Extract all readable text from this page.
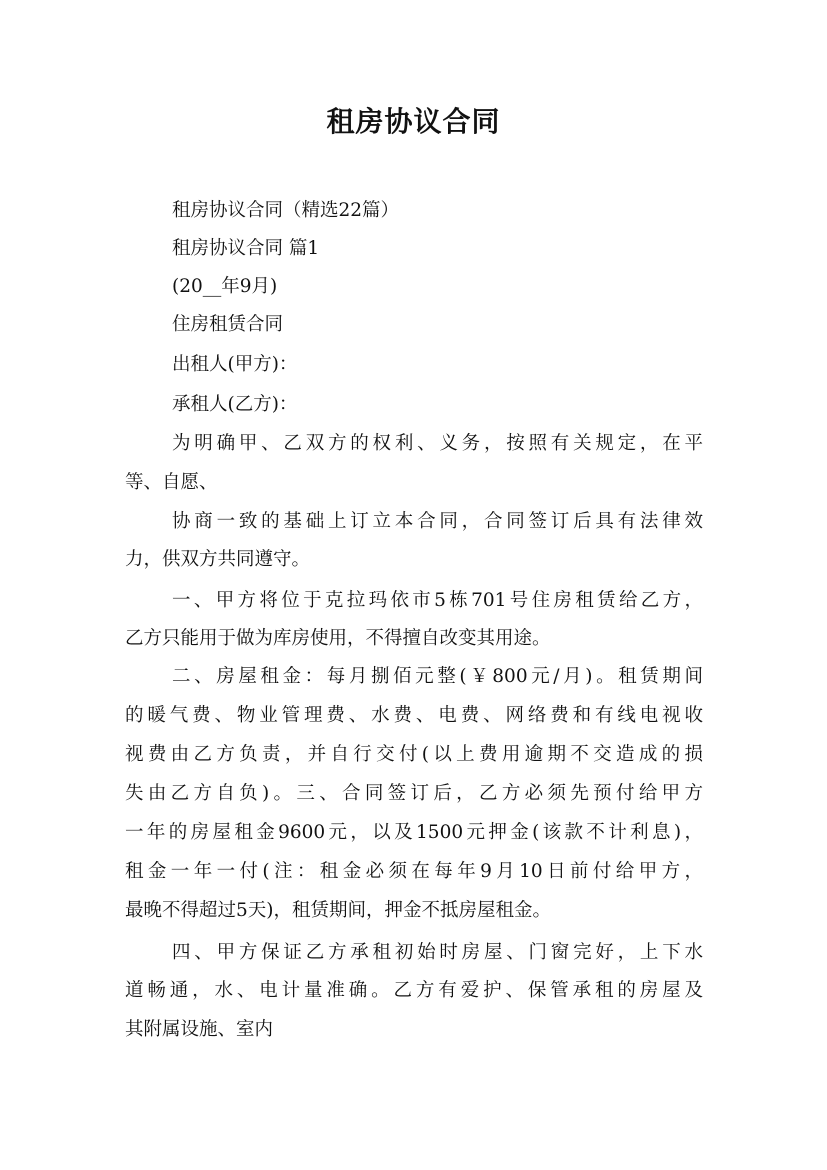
租房协议合同
租房协议合同（精选22篇）
租房协议合同 篇1
(20__年9月)
住房租赁合同
出租人(甲方)：
承租人(乙方)：
为明确甲、乙双方的权利、义务，按照有关规定，在平
等、自愿、
协商一致的基础上订立本合同，合同签订后具有法律效
力，供双方共同遵守。
一、甲方将位于克拉玛依市5栋701号住房租赁给乙方，
乙方只能用于做为库房使用，不得擅自改变其用途。
二、房屋租金：每月捌佰元整(￥800元/月)。租赁期间
的暖气费、物业管理费、水费、电费、网络费和有线电视收
视费由乙方负责，并自行交付(以上费用逾期不交造成的损
失由乙方自负)。三、合同签订后，乙方必须先预付给甲方
一年的房屋租金9600元，以及1500元押金(该款不计利息)，
租金一年一付(注：租金必须在每年9月10日前付给甲方，
最晚不得超过5天)，租赁期间，押金不抵房屋租金。
四、甲方保证乙方承租初始时房屋、门窗完好，上下水
道畅通，水、电计量准确。乙方有爱护、保管承租的房屋及
其附属设施、室内
